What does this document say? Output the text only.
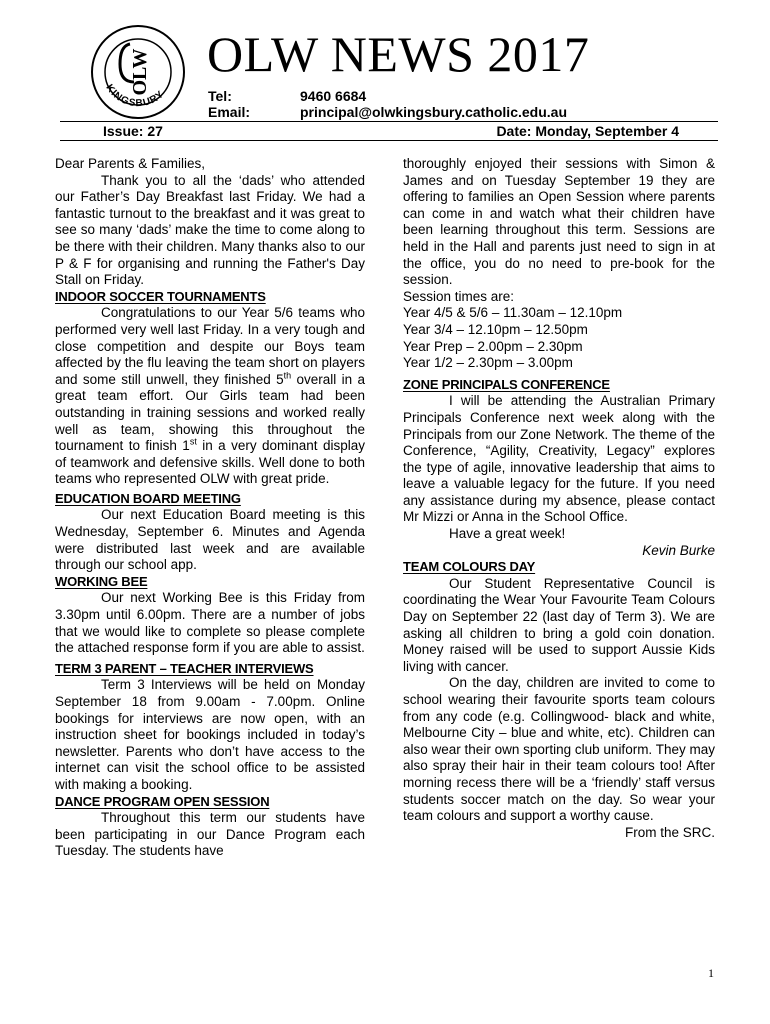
OLW
KINGSBURY
OLW NEWS 2017
Tel:	9460 6684
Email:	principal@olwkingsbury.catholic.edu.au
Issue: 27	Date: Monday, September 4

Dear Parents & Families,

Thank you to all the ‘dads’ who attended our Father’s Day Breakfast last Friday. We had a fantastic turnout to the breakfast and it was great to see so many ‘dads’ make the time to come along to be there with their children. Many thanks also to our P & F for organising and running the Father's Day Stall on Friday.

INDOOR SOCCER TOURNAMENTS

Congratulations to our Year 5/6 teams who performed very well last Friday. In a very tough and close competition and despite our Boys team affected by the flu leaving the team short on players and some still unwell, they finished 5th overall in a great team effort. Our Girls team had been outstanding in training sessions and worked really well as team, showing this throughout the tournament to finish 1st in a very dominant display of teamwork and defensive skills. Well done to both teams who represented OLW with great pride.

EDUCATION BOARD MEETING

Our next Education Board meeting is this Wednesday, September 6. Minutes and Agenda were distributed last week and are available through our school app.

WORKING BEE

Our next Working Bee is this Friday from 3.30pm until 6.00pm. There are a number of jobs that we would like to complete so please complete the attached response form if you are able to assist.

TERM 3 PARENT – TEACHER INTERVIEWS

Term 3 Interviews will be held on Monday September 18 from 9.00am - 7.00pm. Online bookings for interviews are now open, with an instruction sheet for bookings included in today’s newsletter. Parents who don’t have access to the internet can visit the school office to be assisted with making a booking.

DANCE PROGRAM OPEN SESSION

Throughout this term our students have been participating in our Dance Program each Tuesday. The students have

thoroughly enjoyed their sessions with Simon & James and on Tuesday September 19 they are offering to families an Open Session where parents can come in and watch what their children have been learning throughout this term. Sessions are held in the Hall and parents just need to sign in at the office, you do no need to pre-book for the session.

Session times are:

Year 4/5 & 5/6 – 11.30am – 12.10pm
Year 3/4 – 12.10pm – 12.50pm
Year Prep – 2.00pm – 2.30pm
Year 1/2 – 2.30pm – 3.00pm

ZONE PRINCIPALS CONFERENCE

I will be attending the Australian Primary Principals Conference next week along with the Principals from our Zone Network. The theme of the Conference, “Agility, Creativity, Legacy” explores the type of agile, innovative leadership that aims to leave a valuable legacy for the future. If you need any assistance during my absence, please contact Mr Mizzi or Anna in the School Office.

Have a great week!

Kevin Burke

TEAM COLOURS DAY

Our Student Representative Council is coordinating the Wear Your Favourite Team Colours Day on September 22 (last day of Term 3). We are asking all children to bring a gold coin donation. Money raised will be used to support Aussie Kids living with cancer.

On the day, children are invited to come to school wearing their favourite sports team colours from any code (e.g. Collingwood- black and white, Melbourne City – blue and white, etc). Children can also wear their own sporting club uniform. They may also spray their hair in their team colours too! After morning recess there will be a ‘friendly’ staff versus students soccer match on the day. So wear your team colours and support a worthy cause.

From the SRC.

1
